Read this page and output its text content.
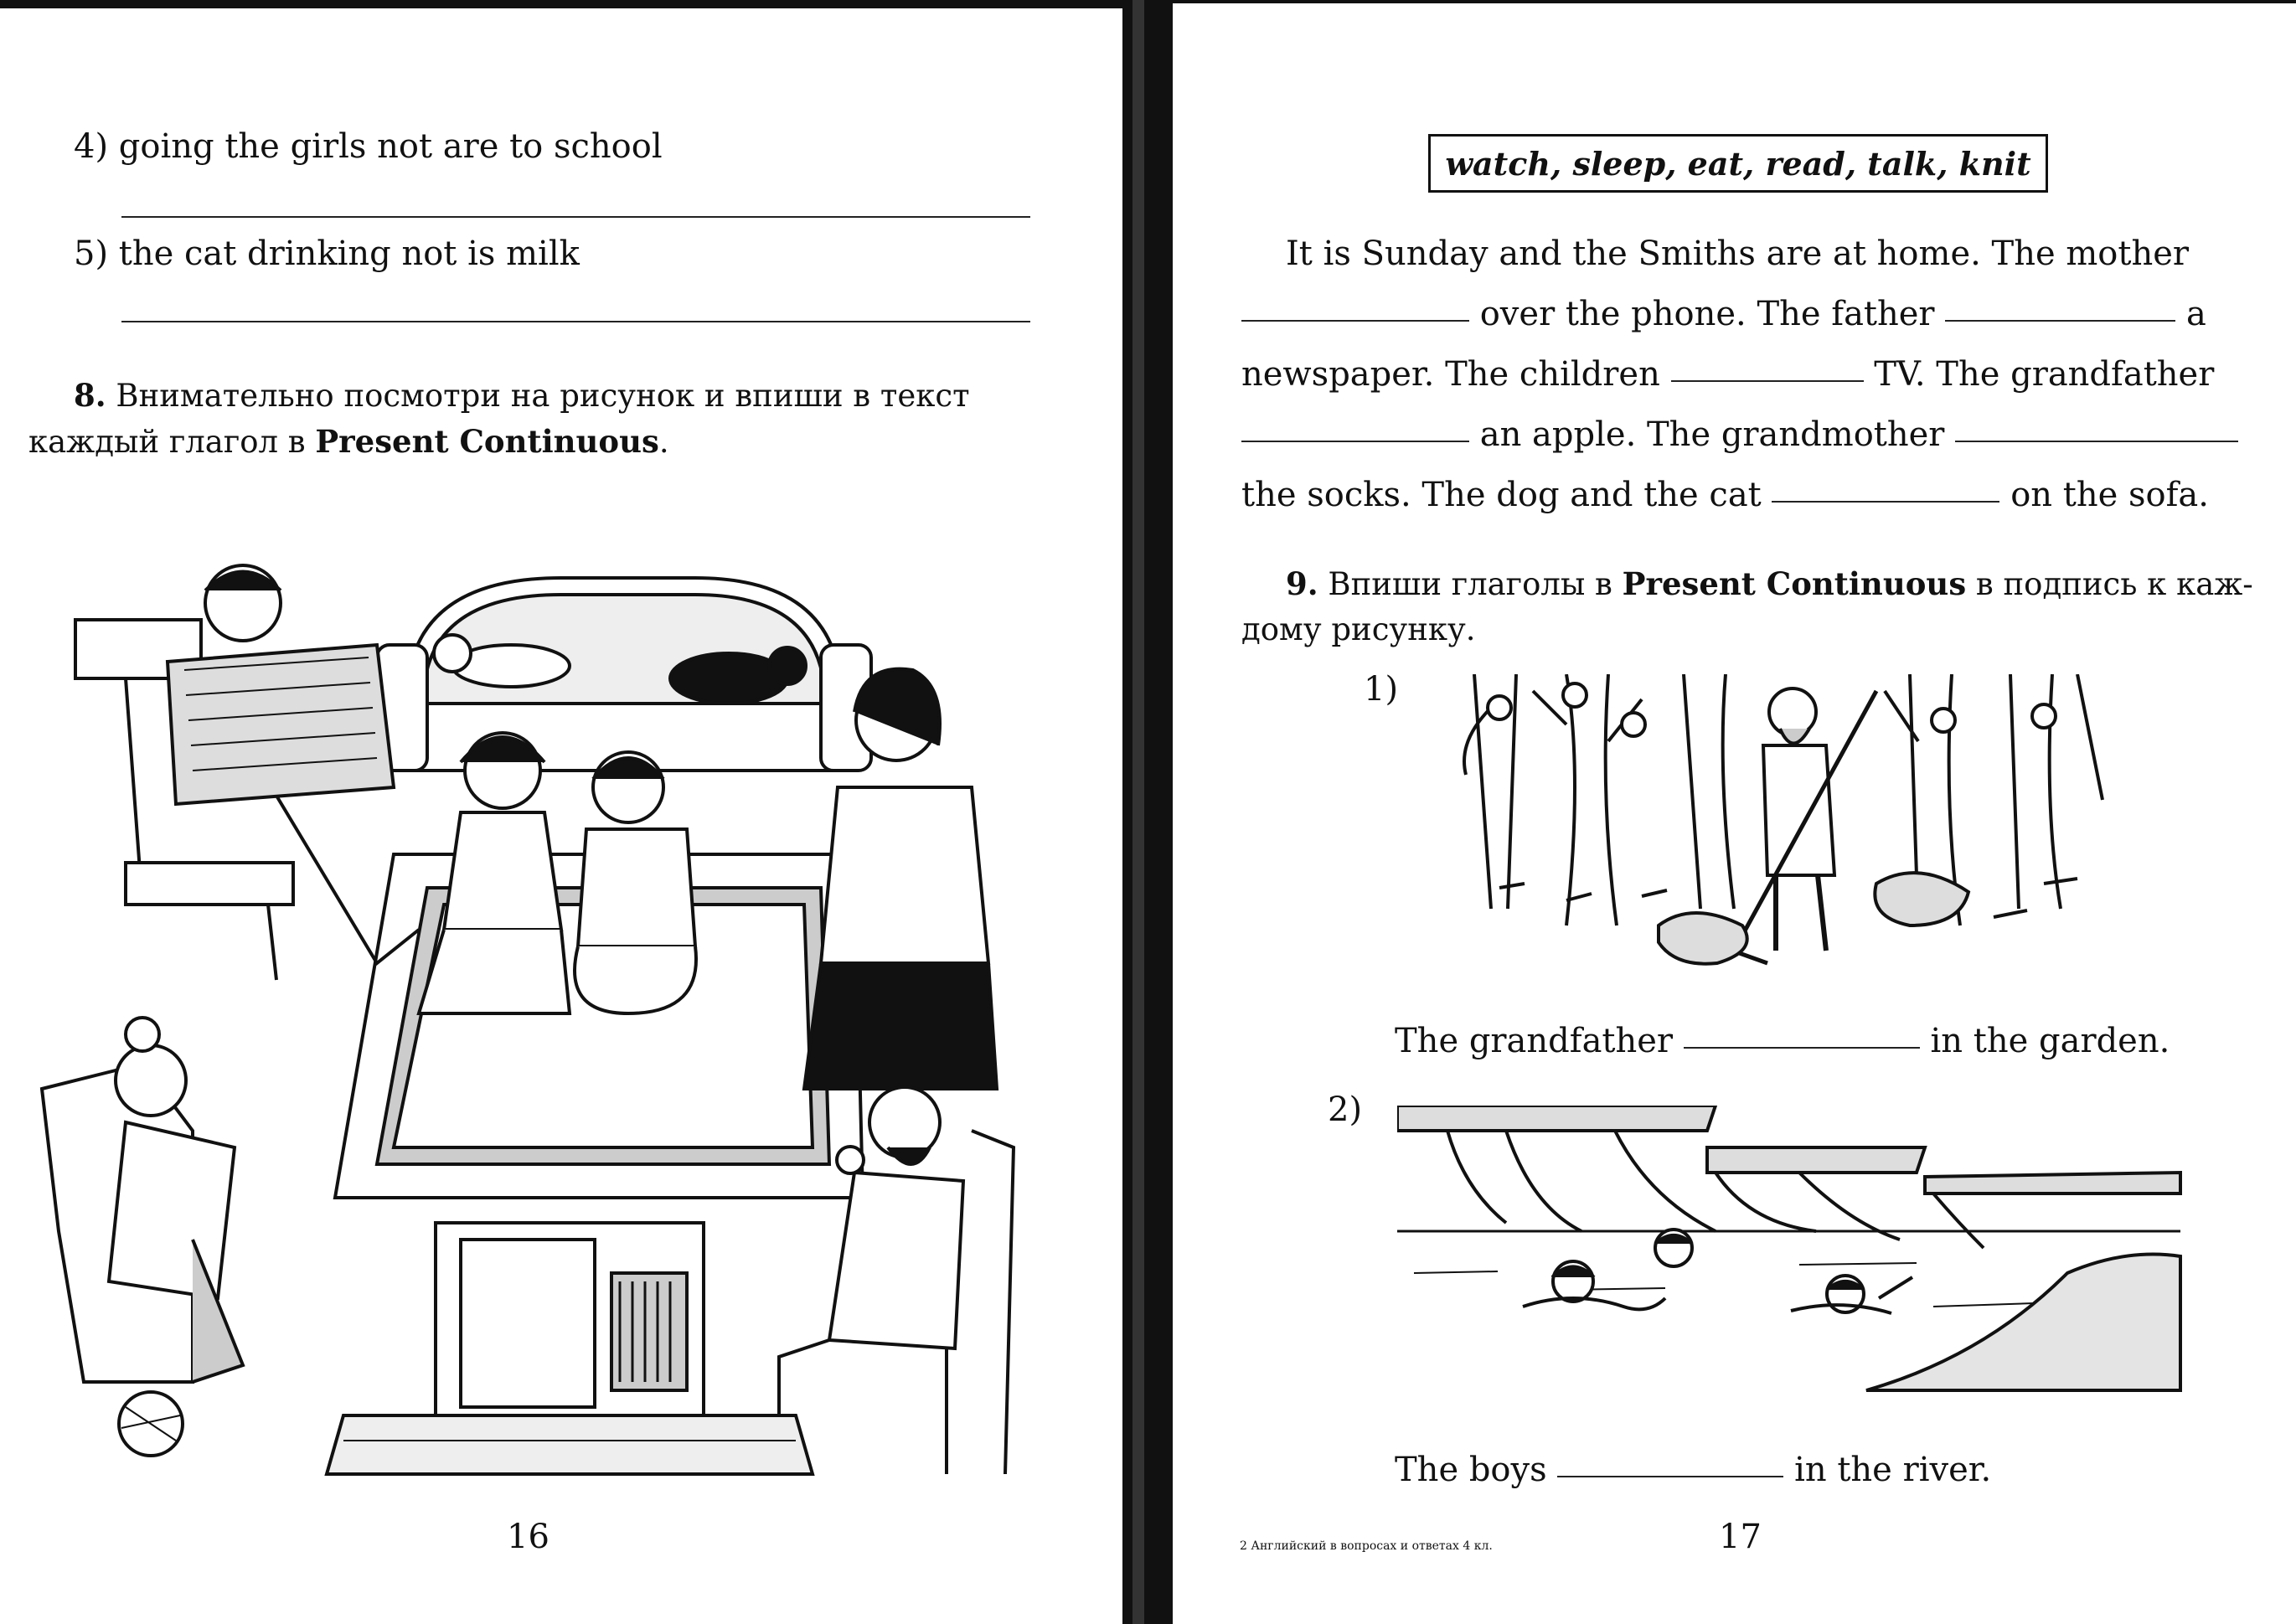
4) going the girls not are to school
5) the cat drinking not is milk
8. Внимательно посмотри на рисунок и впиши в текст
каждый глагол в Present Continuous.
16
watch, sleep, eat, read, talk, knit
It is Sunday and the Smiths are at home. The mother
over the phone. The father	a
newspaper. The children	TV. The grandfather
an apple. The grandmother
the socks. The dog and the cat	on the sofa.
9. Впиши глаголы в Present Continuous в подпись к каж-
дому рисунку.
1)
The grandfather	in the garden.
2)
The boys	in the river.
2 Английский в вопросах и ответах 4 кл.	17
